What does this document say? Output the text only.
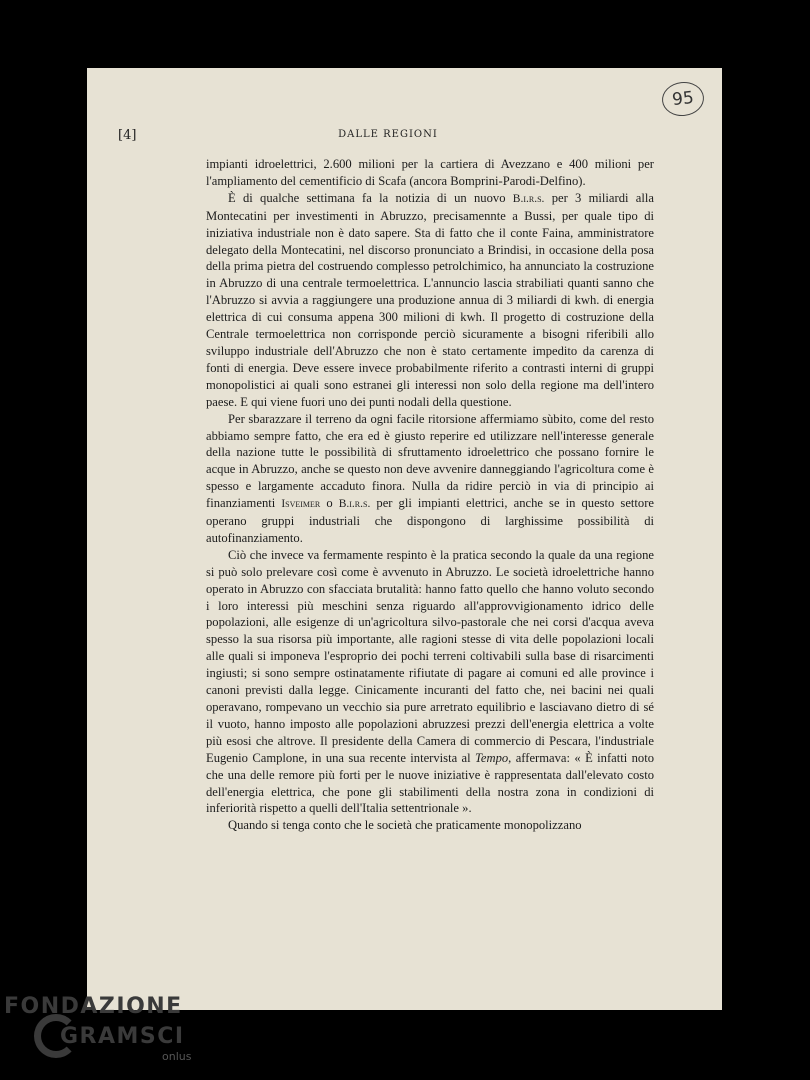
95
[4]	DALLE REGIONI

impianti idroelettrici, 2.600 milioni per la cartiera di Avezzano e 400 milioni per l'ampliamento del cementificio di Scafa (ancora Bomprini-Parodi-Delfino).

È di qualche settimana fa la notizia di un nuovo B.i.r.s. per 3 miliardi alla Montecatini per investimenti in Abruzzo, precisamennte a Bussi, per quale tipo di iniziativa industriale non è dato sapere. Sta di fatto che il conte Faina, amministratore delegato della Montecatini, nel discorso pronunciato a Brindisi, in occasione della posa della prima pietra del costruendo complesso petrolchimico, ha annunciato la costruzione in Abruzzo di una centrale termoelettrica. L'annuncio lascia strabiliati quanti sanno che l'Abruzzo si avvia a raggiungere una produzione annua di 3 miliardi di kwh. di energia elettrica di cui consuma appena 300 milioni di kwh. Il progetto di costruzione della Centrale termoelettrica non corrisponde perciò sicuramente a bisogni riferibili allo sviluppo industriale dell'Abruzzo che non è stato certamente impedito da carenza di fonti di energia. Deve essere invece probabilmente riferito a contrasti interni di gruppi monopolistici ai quali sono estranei gli interessi non solo della regione ma dell'intero paese. E qui viene fuori uno dei punti nodali della questione.

Per sbarazzare il terreno da ogni facile ritorsione affermiamo sùbito, come del resto abbiamo sempre fatto, che era ed è giusto reperire ed utilizzare nell'interesse generale della nazione tutte le possibilità di sfruttamento idroelettrico che possano fornire le acque in Abruzzo, anche se questo non deve avvenire danneggiando l'agricoltura come è spesso e largamente accaduto finora. Nulla da ridire perciò in via di principio ai finanziamenti Isveimer o B.i.r.s. per gli impianti elettrici, anche se in questo settore operano gruppi industriali che dispongono di larghissime possibilità di autofinanziamento.

Ciò che invece va fermamente respinto è la pratica secondo la quale da una regione si può solo prelevare così come è avvenuto in Abruzzo. Le società idroelettriche hanno operato in Abruzzo con sfacciata brutalità: hanno fatto quello che hanno voluto secondo i loro interessi più meschini senza riguardo all'approvvigionamento idrico delle popolazioni, alle esigenze di un'agricoltura silvo-pastorale che nei corsi d'acqua aveva spesso la sua risorsa più importante, alle ragioni stesse di vita delle popolazioni locali alle quali si imponeva l'esproprio dei pochi terreni coltivabili sulla base di risarcimenti ingiusti; si sono sempre ostinatamente rifiutate di pagare ai comuni ed alle province i canoni previsti dalla legge. Cinicamente incuranti del fatto che, nei bacini nei quali operavano, rompevano un vecchio sia pure arretrato equilibrio e lasciavano dietro di sé il vuoto, hanno imposto alle popolazioni abruzzesi prezzi dell'energia elettrica a volte più esosi che altrove. Il presidente della Camera di commercio di Pescara, l'industriale Eugenio Camplone, in una sua recente intervista al Tempo, affermava: « È infatti noto che una delle remore più forti per le nuove iniziative è rappresentata dall'elevato costo dell'energia elettrica, che pone gli stabilimenti della nostra zona in condizioni di inferiorità rispetto a quelli dell'Italia settentrionale ».

Quando si tenga conto che le società che praticamente monopolizzano

FONDAZIONE
GRAMSCI
onlus
